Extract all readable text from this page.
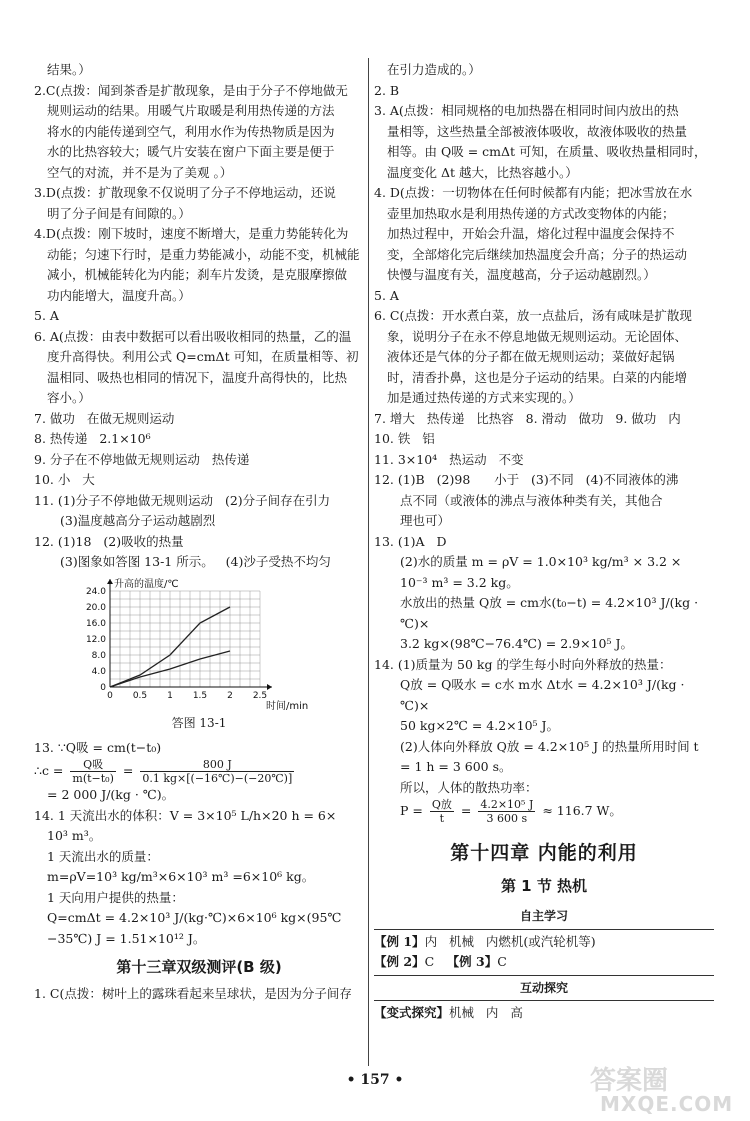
结果。）

2.C(点拨：闻到茶香是扩散现象，是由于分子不停地做无

规则运动的结果。用暖气片取暖是利用热传递的方法

将水的内能传递到空气，利用水作为传热物质是因为

水的比热容较大；暖气片安装在窗户下面主要是便于

空气的对流，并不是为了美观 。）

3.D(点拨：扩散现象不仅说明了分子不停地运动，还说

明了分子间是有间隙的。）

4.D(点拨：刚下坡时，速度不断增大，是重力势能转化为

动能；匀速下行时，是重力势能减小，动能不变，机械能

减小，机械能转化为内能；刹车片发烫，是克服摩擦做

功内能增大，温度升高。）

5. A

6. A(点拨：由表中数据可以看出吸收相同的热量，乙的温

度升高得快。利用公式 Q=cmΔt 可知，在质量相等、初

温相同、吸热也相同的情况下，温度升高得快的，比热

容小。）

7. 做功   在做无规则运动

8. 热传递   2.1×10⁶

9. 分子在不停地做无规则运动   热传递

10. 小   大

11. (1)分子不停地做无规则运动   (2)分子间存在引力

(3)温度越高分子运动越剧烈

12. (1)18   (2)吸收的热量

(3)图象如答图 13-1 所示。   (4)沙子受热不均匀

0 0.5 1 1.5 2 2.5
4.0
8.0
12.0
16.0
20.0
24.0
0
升高的温度/℃
时间/min

答图 13-1

13. ∵Q吸 = cm(t−t₀)

∴c = $\frac{\text{Q吸}}{\text{m(t−t₀)}} = \frac{800 J}{0.1 kg\times[(-16℃)-(-20℃)]}$

= 2 000 J/(kg · ℃)。

14. 1 天流出水的体积：V = 3×10⁵ L/h×20 h = 6×

10³ m³。

1 天流出水的质量：

m=ρV=10³ kg/m³×6×10³ m³ =6×10⁶ kg。

1 天向用户提供的热量：

Q=cmΔt = 4.2×10³ J/(kg·℃)×6×10⁶ kg×(95℃

−35℃) J = 1.51×10¹² J。

第十三章双级测评(B 级)

1. C(点拨：树叶上的露珠看起来呈球状，是因为分子间存

在引力造成的。）

2. B

3. A(点拨：相同规格的电加热器在相同时间内放出的热

量相等，这些热量全部被液体吸收，故液体吸收的热量

相等。由 Q吸 = cmΔt 可知，在质量、吸收热量相同时，

温度变化 Δt 越大，比热容越小。）

4. D(点拨：一切物体在任何时候都有内能；把冰雪放在水

壶里加热取水是利用热传递的方式改变物体的内能；

加热过程中，开始会升温，熔化过程中温度会保持不

变，全部熔化完后继续加热温度会升高；分子的热运动

快慢与温度有关，温度越高，分子运动越剧烈。）

5. A

6. C(点拨：开水煮白菜，放一点盐后，汤有咸味是扩散现

象，说明分子在永不停息地做无规则运动。无论固体、

液体还是气体的分子都在做无规则运动；菜做好起锅

时，清香扑鼻，这也是分子运动的结果。白菜的内能增

加是通过热传递的方式来实现的。）

7. 增大   热传递   比热容   8. 滑动   做功   9. 做功   内

10. 铁   铝

11. 3×10⁴   热运动   不变

12. (1)B   (2)98      小于   (3)不同   (4)不同液体的沸

点不同（或液体的沸点与液体种类有关，其他合

理也可）

13. (1)A   D

(2)水的质量 m = ρV = 1.0×10³ kg/m³ × 3.2 ×

10⁻³ m³ = 3.2 kg。

水放出的热量 Q放 = cm水(t₀−t) = 4.2×10³ J/(kg · ℃)×

3.2 kg×(98℃−76.4℃) = 2.9×10⁵ J。

14. (1)质量为 50 kg 的学生每小时向外释放的热量：

Q放 = Q吸水 = c水 m水 Δt水 = 4.2×10³ J/(kg · ℃)×

50 kg×2℃ = 4.2×10⁵ J。

(2)人体向外释放 Q放 = 4.2×10⁵ J 的热量所用时间 t

= 1 h = 3 600 s。

所以，人体的散热功率：

$P = \frac{\text{Q放}}{t} = \frac{\text{4.2×10⁵ J}}{3 600 s} \approx 116.7$ W。
第十四章 内能的利用
第 1 节 热机
自主学习

【例 1】内   机械   内燃机(或汽轮机等)

【例 2】C  【例 3】C

互动探究

【变式探究】机械   内   高

• 157 •	答案圈
MXQE.COM
